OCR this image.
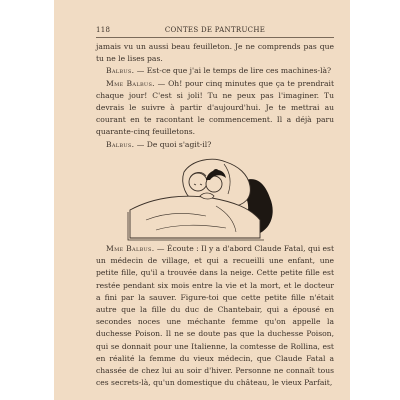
118	CONTES DE PANTRUCHE

jamais vu un aussi beau feuilleton. Je ne comprends pas que tu ne le lises pas.

Balbus. — Est-ce que j'ai le temps de lire ces machines-là?

Mme Balbus. — Oh! pour cinq minutes que ça te prendrait chaque jour! C'est si joli! Tu ne peux pas l'imaginer. Tu devrais le suivre à partir d'aujourd'hui. Je te mettrai au courant en te racontant le commencement. Il a déjà paru quarante-cinq feuilletons.

Balbus. — De quoi s'agit-il?

Mme Balbus. — Écoute : Il y a d'abord Claude Fatal, qui est un médecin de village, et qui a recueilli une enfant, une petite fille, qu'il a trouvée dans la neige. Cette petite fille est restée pendant six mois entre la vie et la mort, et le docteur a fini par la sauver. Figure-toi que cette petite fille n'était autre que la fille du duc de Chantebair, qui a épousé en secondes noces une méchante femme qu'on appelle la duchesse Poison. Il ne se doute pas que la duchesse Poison, qui se donnait pour une Italienne, la comtesse de Rollina, est en réalité la femme du vieux médecin, que Claude Fatal a chassée de chez lui au soir d'hiver. Personne ne connaît tous ces secrets-là, qu'un domestique du château, le vieux Parfait,
